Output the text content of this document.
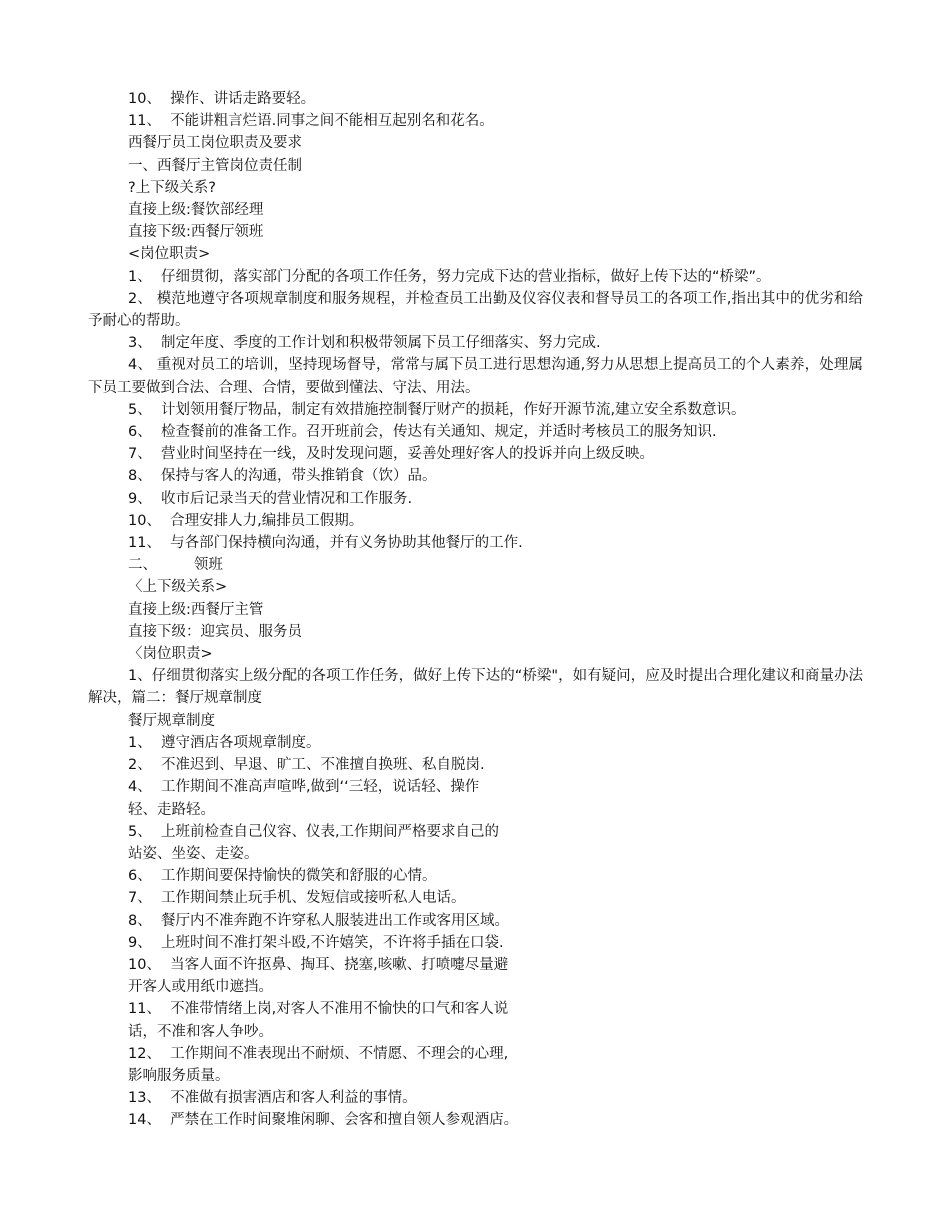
10、  操作、讲话走路要轻。

11、  不能讲粗言烂语.同事之间不能相互起别名和花名。

西餐厅员工岗位职责及要求

一、西餐厅主管岗位责任制

?上下级关系?

直接上级:餐饮部经理

直接下级:西餐厅领班

<岗位职责>

1、  仔细贯彻，落实部门分配的各项工作任务，努力完成下达的营业指标，做好上传下达的“桥梁”。

2、 模范地遵守各项规章制度和服务规程，并检查员工出勤及仪容仪表和督导员工的各项工作,指出其中的优劣和给予耐心的帮助。

3、  制定年度、季度的工作计划和积极带领属下员工仔细落实、努力完成.

4、 重视对员工的培训，坚持现场督导，常常与属下员工进行思想沟通,努力从思想上提高员工的个人素养，处理属下员工要做到合法、合理、合情，要做到懂法、守法、用法。

5、  计划领用餐厅物品，制定有效措施控制餐厅财产的损耗，作好开源节流,建立安全系数意识。

6、  检查餐前的准备工作。召开班前会，传达有关通知、规定，并适时考核员工的服务知识.

7、  营业时间坚持在一线，及时发现问题，妥善处理好客人的投诉并向上级反映。

8、  保持与客人的沟通，带头推销食（饮）品。

9、  收市后记录当天的营业情况和工作服务.

10、  合理安排人力,编排员工假期。

11、  与各部门保持横向沟通，并有义务协助其他餐厅的工作.

二、        领班

〈上下级关系>

直接上级:西餐厅主管

直接下级：迎宾员、服务员

〈岗位职责>

1、仔细贯彻落实上级分配的各项工作任务，做好上传下达的“桥梁"，如有疑问，应及时提出合理化建议和商量办法解决，篇二：餐厅规章制度

餐厅规章制度

1、  遵守酒店各项规章制度。

2、  不准迟到、早退、旷工、不准擅自换班、私自脱岗.

4、  工作期间不准高声喧哗,做到‘‘三轻，说话轻、操作

轻、走路轻。

5、  上班前检查自己仪容、仪表,工作期间严格要求自己的

站姿、坐姿、走姿。

6、  工作期间要保持愉快的微笑和舒服的心情。

7、  工作期间禁止玩手机、发短信或接听私人电话。

8、  餐厅内不准奔跑不许穿私人服装进出工作或客用区域。

9、  上班时间不准打架斗殴,不许嬉笑，不许将手插在口袋.

10、  当客人面不许抠鼻、掏耳、挠塞,咳嗽、打喷嚏尽量避

开客人或用纸巾遮挡。

11、  不准带情绪上岗,对客人不准用不愉快的口气和客人说

话，不准和客人争吵。

12、  工作期间不准表现出不耐烦、不情愿、不理会的心理,

影响服务质量。

13、  不准做有损害酒店和客人利益的事情。

14、  严禁在工作时间聚堆闲聊、会客和擅自领人参观酒店。
